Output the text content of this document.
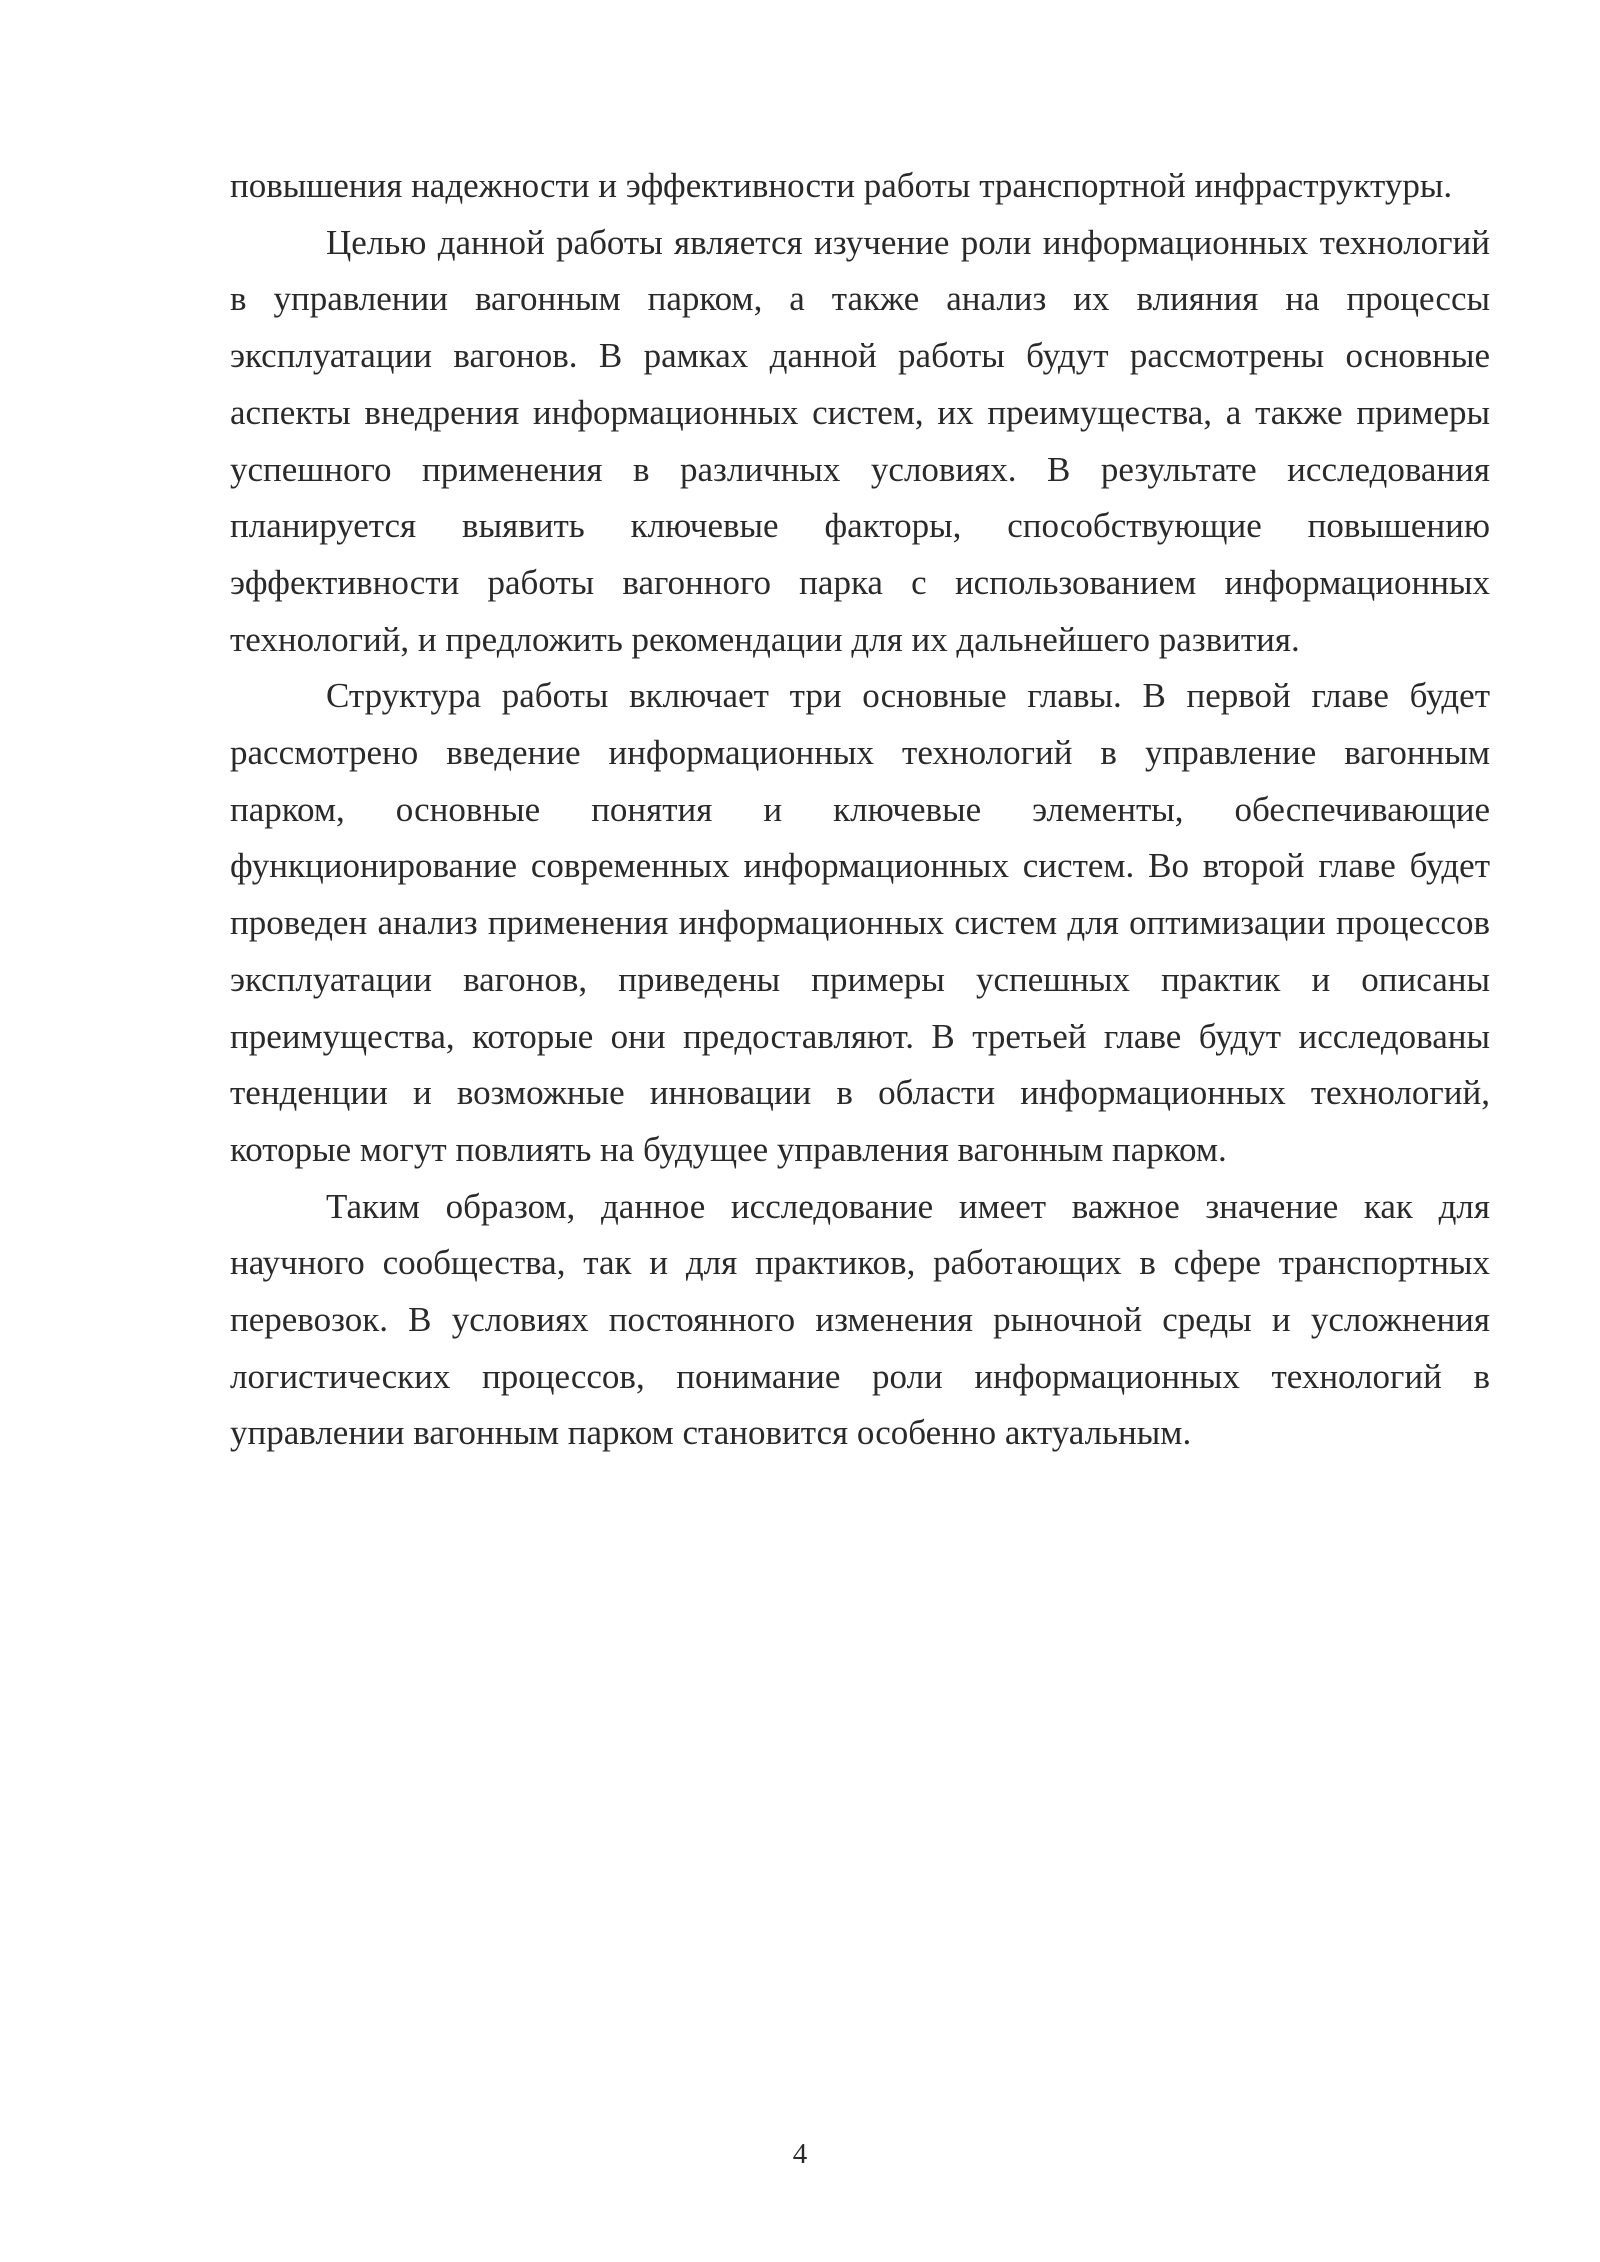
повышения надежности и эффективности работы транспортной инфраструктуры.

Целью данной работы является изучение роли информационных технологий в управлении вагонным парком, а также анализ их влияния на процессы эксплуатации вагонов. В рамках данной работы будут рассмотрены основные аспекты внедрения информационных систем, их преимущества, а также примеры успешного применения в различных условиях. В результате исследования планируется выявить ключевые факторы, способствующие повышению эффективности работы вагонного парка с использованием информационных технологий, и предложить рекомендации для их дальнейшего развития.

Структура работы включает три основные главы. В первой главе будет рассмотрено введение информационных технологий в управление вагонным парком, основные понятия и ключевые элементы, обеспечивающие функционирование современных информационных систем. Во второй главе будет проведен анализ применения информационных систем для оптимизации процессов эксплуатации вагонов, приведены примеры успешных практик и описаны преимущества, которые они предоставляют. В третьей главе будут исследованы тенденции и возможные инновации в области информационных технологий, которые могут повлиять на будущее управления вагонным парком.

Таким образом, данное исследование имеет важное значение как для научного сообщества, так и для практиков, работающих в сфере транспортных перевозок. В условиях постоянного изменения рыночной среды и усложнения логистических процессов, понимание роли информационных технологий в управлении вагонным парком становится особенно актуальным.

4
